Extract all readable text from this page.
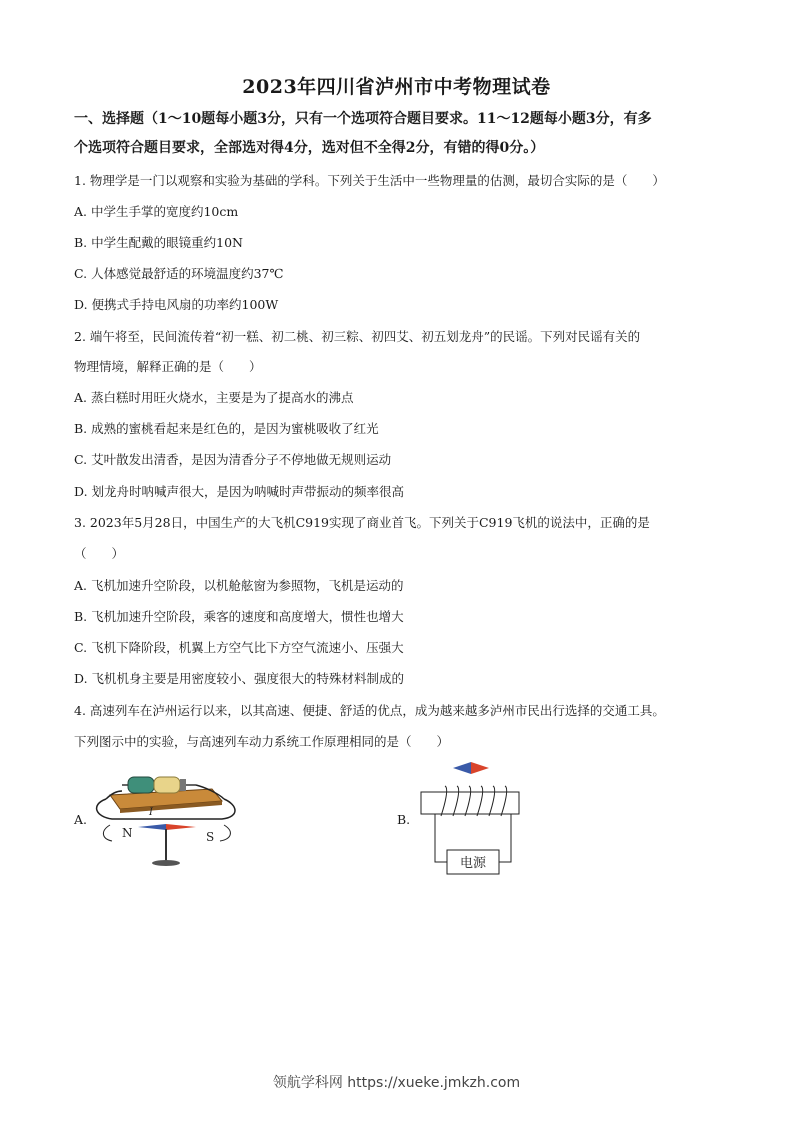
2023年四川省泸州市中考物理试卷

一、选择题（1～10题每小题3分，只有一个选项符合题目要求。11～12题每小题3分，有多

个选项符合题目要求，全部选对得4分，选对但不全得2分，有错的得0分。）

1. 物理学是一门以观察和实验为基础的学科。下列关于生活中一些物理量的估测，最切合实际的是（　　）

A. 中学生手掌的宽度约10cm

B. 中学生配戴的眼镜重约10N

C. 人体感觉最舒适的环境温度约37℃

D. 便携式手持电风扇的功率约100W

2. 端午将至，民间流传着“初一糕、初二桃、初三粽、初四艾、初五划龙舟”的民谣。下列对民谣有关的

物理情境，解释正确的是（　　）

A. 蒸白糕时用旺火烧水，主要是为了提高水的沸点

B. 成熟的蜜桃看起来是红色的，是因为蜜桃吸收了红光

C. 艾叶散发出清香，是因为清香分子不停地做无规则运动

D. 划龙舟时呐喊声很大，是因为呐喊时声带振动的频率很高

3. 2023年5月28日，中国生产的大飞机C919实现了商业首飞。下列关于C919飞机的说法中，正确的是

（　　）

A. 飞机加速升空阶段，以机舱舷窗为参照物，飞机是运动的

B. 飞机加速升空阶段，乘客的速度和高度增大，惯性也增大

C. 飞机下降阶段，机翼上方空气比下方空气流速小、压强大

D. 飞机机身主要是用密度较小、强度很大的特殊材料制成的

4. 高速列车在泸州运行以来，以其高速、便捷、舒适的优点，成为越来越多泸州市民出行选择的交通工具。

下列图示中的实验，与高速列车动力系统工作原理相同的是（　　）

A.	B.
I
N	S
电源
领航学科网 https://xueke.jmkzh.com
